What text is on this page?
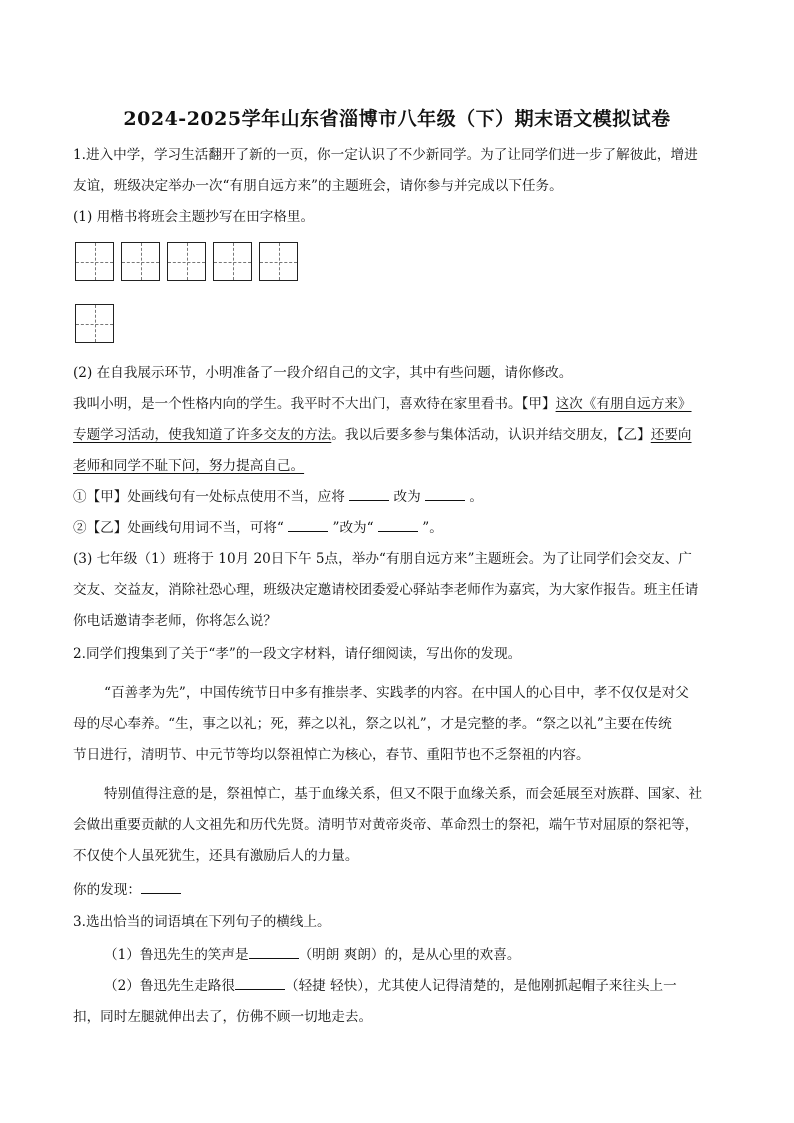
2024-2025学年山东省淄博市八年级（下）期末语文模拟试卷
1.进入中学，学习生活翻开了新的一页，你一定认识了不少新同学。为了让同学们进一步了解彼此，增进
友谊，班级决定举办一次“有朋自远方来”的主题班会，请你参与并完成以下任务。
(1) 用楷书将班会主题抄写在田字格里。
(2) 在自我展示环节，小明准备了一段介绍自己的文字，其中有些问题，请你修改。
我叫小明，是一个性格内向的学生。我平时不大出门，喜欢待在家里看书。【甲】这次《有朋自远方来》
专题学习活动，使我知道了许多交友的方法。我以后要多参与集体活动，认识并结交朋友，【乙】还要向
老师和同学不耻下问，努力提高自己。
①【甲】处画线句有一处标点使用不当，应将	改为	。
②【乙】处画线句用词不当，可将“	”改为“	”。
(3) 七年级（1）班将于 10月 20日下午 5点，举办“有朋自远方来”主题班会。为了让同学们会交友、广
交友、交益友，消除社恐心理，班级决定邀请校团委爱心驿站李老师作为嘉宾，为大家作报告。班主任请
你电话邀请李老师，你将怎么说？
2.同学们搜集到了关于“孝”的一段文字材料，请仔细阅读，写出你的发现。
“百善孝为先”，中国传统节日中多有推崇孝、实践孝的内容。在中国人的心目中，孝不仅仅是对父
母的尽心奉养。“生，事之以礼；死，葬之以礼，祭之以礼”，才是完整的孝。“祭之以礼”主要在传统
节日进行，清明节、中元节等均以祭祖悼亡为核心，春节、重阳节也不乏祭祖的内容。
特别值得注意的是，祭祖悼亡，基于血缘关系，但又不限于血缘关系，而会延展至对族群、国家、社
会做出重要贡献的人文祖先和历代先贤。清明节对黄帝炎帝、革命烈士的祭祀，端午节对屈原的祭祀等，
不仅使个人虽死犹生，还具有激励后人的力量。
你的发现：
3.选出恰当的词语填在下列句子的横线上。
（1）鲁迅先生的笑声是	（明朗 爽朗）的，是从心里的欢喜。
（2）鲁迅先生走路很	（轻捷 轻快），尤其使人记得清楚的，是他刚抓起帽子来往头上一
扣，同时左腿就伸出去了，仿佛不顾一切地走去。
